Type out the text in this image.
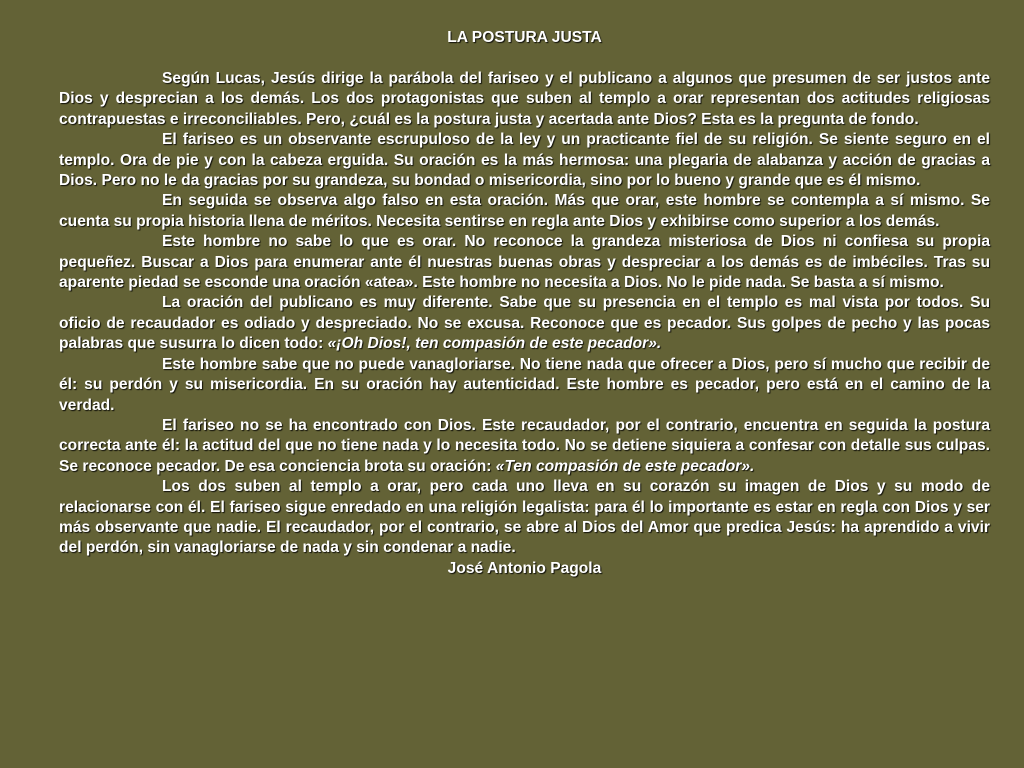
LA POSTURA JUSTA

Según Lucas, Jesús dirige la parábola del fariseo y el publicano a algunos que presumen de ser justos ante Dios y desprecian a los demás. Los dos protagonistas que suben al templo a orar representan dos actitudes religiosas contrapuestas e irreconciliables. Pero, ¿cuál es la postura justa y acertada ante Dios? Esta es la pregunta de fondo.

El fariseo es un observante escrupuloso de la ley y un practicante fiel de su religión. Se siente seguro en el templo. Ora de pie y con la cabeza erguida. Su oración es la más hermosa: una plegaria de alabanza y acción de gracias a Dios. Pero no le da gracias por su grandeza, su bondad o misericordia, sino por lo bueno y grande que es él mismo.

En seguida se observa algo falso en esta oración. Más que orar, este hombre se contempla a sí mismo. Se cuenta su propia historia llena de méritos. Necesita sentirse en regla ante Dios y exhibirse como superior a los demás.

Este hombre no sabe lo que es orar. No reconoce la grandeza misteriosa de Dios ni confiesa su propia pequeñez. Buscar a Dios para enumerar ante él nuestras buenas obras y despreciar a los demás es de imbéciles. Tras su aparente piedad se esconde una oración «atea». Este hombre no necesita a Dios. No le pide nada. Se basta a sí mismo.

La oración del publicano es muy diferente. Sabe que su presencia en el templo es mal vista por todos. Su oficio de recaudador es odiado y despreciado. No se excusa. Reconoce que es pecador. Sus golpes de pecho y las pocas palabras que susurra lo dicen todo: «¡Oh Dios!, ten compasión de este pecador».

Este hombre sabe que no puede vanagloriarse. No tiene nada que ofrecer a Dios, pero sí mucho que recibir de él: su perdón y su misericordia. En su oración hay autenticidad. Este hombre es pecador, pero está en el camino de la verdad.

El fariseo no se ha encontrado con Dios. Este recaudador, por el contrario, encuentra en seguida la postura correcta ante él: la actitud del que no tiene nada y lo necesita todo. No se detiene siquiera a confesar con detalle sus culpas. Se reconoce pecador. De esa conciencia brota su oración: «Ten compasión de este pecador».

Los dos suben al templo a orar, pero cada uno lleva en su corazón su imagen de Dios y su modo de relacionarse con él. El fariseo sigue enredado en una religión legalista: para él lo importante es estar en regla con Dios y ser más observante que nadie. El recaudador, por el contrario, se abre al Dios del Amor que predica Jesús: ha aprendido a vivir del perdón, sin vanagloriarse de nada y sin condenar a nadie.

José Antonio Pagola
